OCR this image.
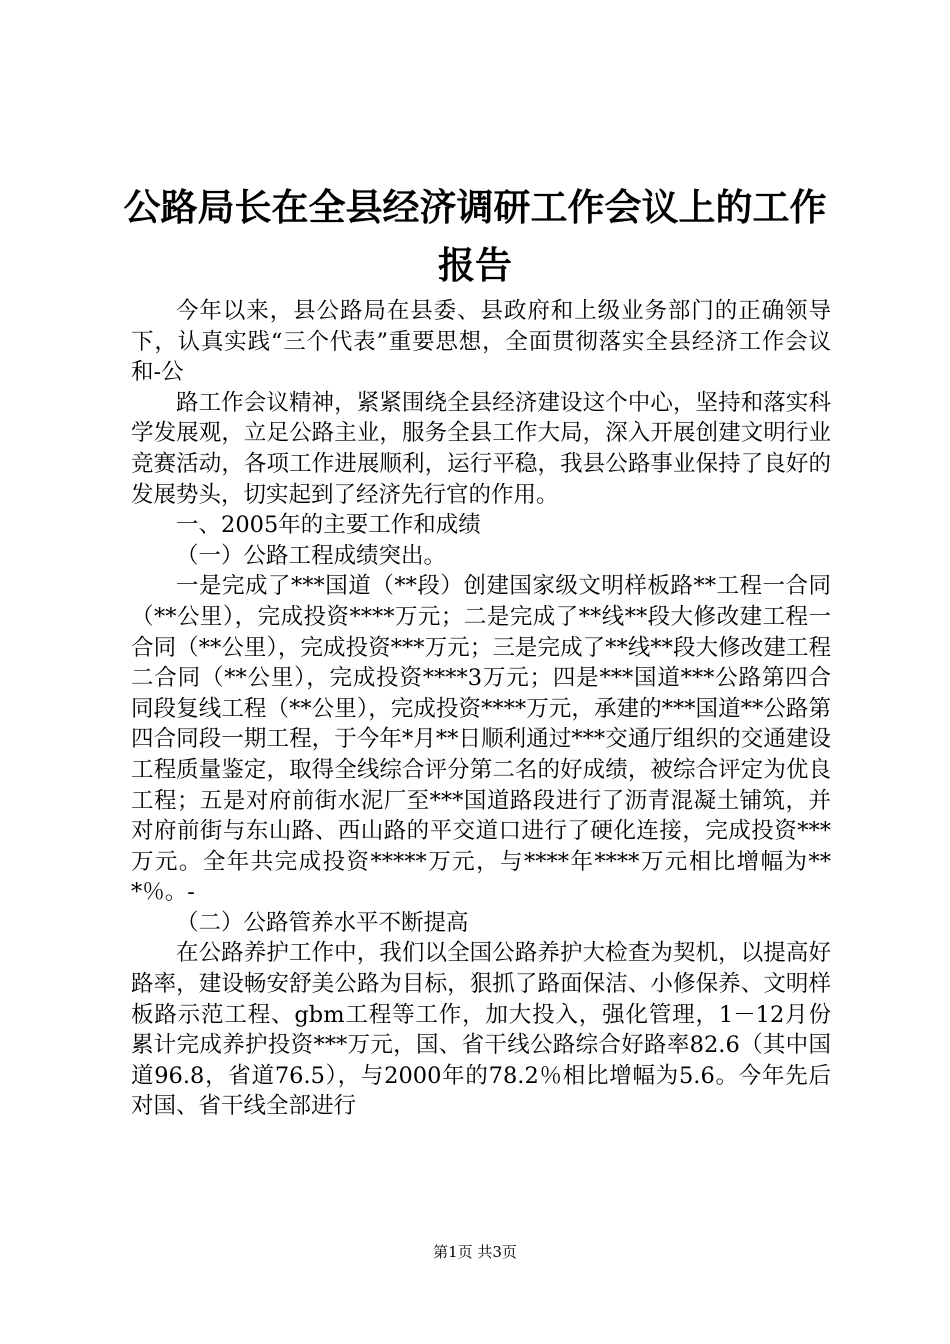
公路局长在全县经济调研工作会议上的工作报告

今年以来，县公路局在县委、县政府和上级业务部门的正确领导下，认真实践“三个代表”重要思想，全面贯彻落实全县经济工作会议和-公

路工作会议精神，紧紧围绕全县经济建设这个中心，坚持和落实科学发展观，立足公路主业，服务全县工作大局，深入开展创建文明行业竞赛活动，各项工作进展顺利，运行平稳，我县公路事业保持了良好的发展势头，切实起到了经济先行官的作用。

一、2005年的主要工作和成绩

（一）公路工程成绩突出。

一是完成了***国道（**段）创建国家级文明样板路**工程一合同（**公里），完成投资****万元；二是完成了**线**段大修改建工程一合同（**公里），完成投资***万元；三是完成了**线**段大修改建工程二合同（**公里），完成投资****3万元；四是***国道***公路第四合同段复线工程（**公里），完成投资****万元，承建的***国道**公路第四合同段一期工程，于今年*月**日顺利通过***交通厅组织的交通建设工程质量鉴定，取得全线综合评分第二名的好成绩，被综合评定为优良工程；五是对府前街水泥厂至***国道路段进行了沥青混凝土铺筑，并对府前街与东山路、西山路的平交道口进行了硬化连接，完成投资***万元。全年共完成投资*****万元，与****年****万元相比增幅为***％。-

（二）公路管养水平不断提高

在公路养护工作中，我们以全国公路养护大检查为契机，以提高好路率，建设畅安舒美公路为目标，狠抓了路面保洁、小修保养、文明样板路示范工程、gbm工程等工作，加大投入，强化管理，1－12月份累计完成养护投资***万元，国、省干线公路综合好路率82.6（其中国道96.8，省道76.5），与2000年的78.2％相比增幅为5.6。今年先后对国、省干线全部进行

第1页 共3页
